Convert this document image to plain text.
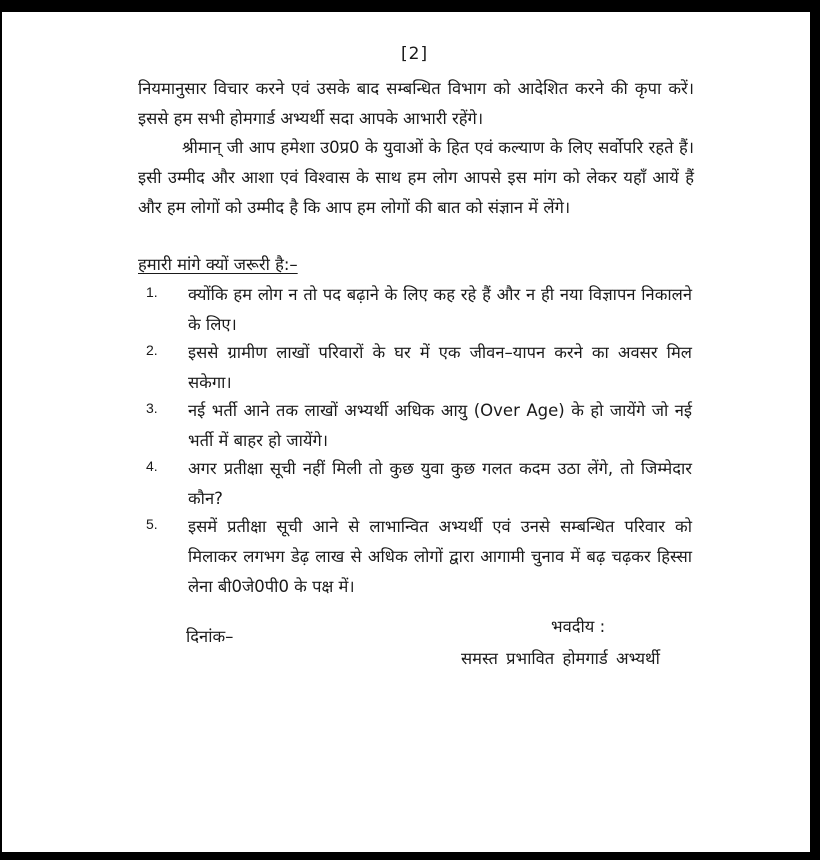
[2]
नियमानुसार विचार करने एवं उसके बाद सम्बन्धित विभाग को आदेशित करने की कृपा करें। इससे हम सभी होमगार्ड अभ्यर्थी सदा आपके आभारी रहेंगे।
श्रीमान् जी आप हमेशा उ0प्र0 के युवाओं के हित एवं कल्याण के लिए सर्वोपरि रहते हैं। इसी उम्मीद और आशा एवं विश्वास के साथ हम लोग आपसे इस मांग को लेकर यहाँ आयें हैं और हम लोगों को उम्मीद है कि आप हम लोगों की बात को संज्ञान में लेंगे।
हमारी मांगे क्यों जरूरी है:–
1. क्योंकि हम लोग न तो पद बढ़ाने के लिए कह रहे हैं और न ही नया विज्ञापन निकालने के लिए।
2. इससे ग्रामीण लाखों परिवारों के घर में एक जीवन–यापन करने का अवसर मिल सकेगा।
3. नई भर्ती आने तक लाखों अभ्यर्थी अधिक आयु (Over Age) के हो जायेंगे जो नई भर्ती में बाहर हो जायेंगे।
4. अगर प्रतीक्षा सूची नहीं मिली तो कुछ युवा कुछ गलत कदम उठा लेंगे, तो जिम्मेदार कौन?
5. इसमें प्रतीक्षा सूची आने से लाभान्वित अभ्यर्थी एवं उनसे सम्बन्धित परिवार को मिलाकर लगभग डेढ़ लाख से अधिक लोगों द्वारा आगामी चुनाव में बढ़ चढ़कर हिस्सा लेना बी0जे0पी0 के पक्ष में।
भवदीय :
दिनांक–
समस्त प्रभावित होमगार्ड अभ्यर्थी
